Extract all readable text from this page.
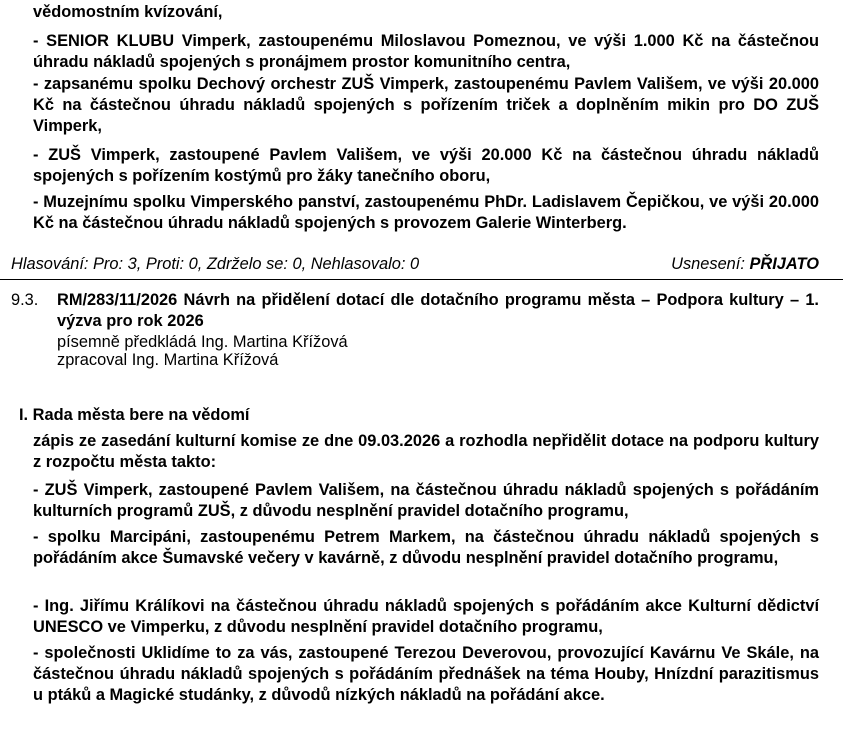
vědomostním kvízování,

- SENIOR KLUBU Vimperk, zastoupenému Miloslavou Pomeznou, ve výši 1.000 Kč na částečnou úhradu nákladů spojených s pronájmem prostor komunitního centra,

- zapsanému spolku Dechový orchestr ZUŠ Vimperk, zastoupenému Pavlem Vališem, ve výši 20.000 Kč na částečnou úhradu nákladů spojených s pořízením triček a doplněním mikin pro DO ZUŠ Vimperk,

- ZUŠ Vimperk, zastoupené Pavlem Vališem, ve výši 20.000 Kč na částečnou úhradu nákladů spojených s pořízením kostýmů pro žáky tanečního oboru,

- Muzejnímu spolku Vimperského panství, zastoupenému PhDr. Ladislavem Čepičkou, ve výši 20.000 Kč na částečnou úhradu nákladů spojených s provozem Galerie Winterberg.

Hlasování: Pro: 3, Proti: 0, Zdrželo se: 0, Nehlasovalo: 0	Usnesení: PŘIJATO
9.3. RM/283/11/2026 Návrh na přidělení dotací dle dotačního programu města – Podpora kultury – 1. výzva pro rok 2026
písemně předkládá Ing. Martina Křížová
zpracoval Ing. Martina Křížová
I. Rada města bere na vědomí

zápis ze zasedání kulturní komise ze dne 09.03.2026 a rozhodla nepřidělit dotace na podporu kultury z rozpočtu města takto:

- ZUŠ Vimperk, zastoupené Pavlem Vališem, na částečnou úhradu nákladů spojených s pořádáním kulturních programů ZUŠ, z důvodu nesplnění pravidel dotačního programu,

- spolku Marcipáni, zastoupenému Petrem Markem, na částečnou úhradu nákladů spojených s pořádáním akce Šumavské večery v kavárně, z důvodu nesplnění pravidel dotačního programu,

- Ing. Jiřímu Králíkovi na částečnou úhradu nákladů spojených s pořádáním akce Kulturní dědictví UNESCO ve Vimperku, z důvodu nesplnění pravidel dotačního programu,

- společnosti Uklidíme to za vás, zastoupené Terezou Deverovou, provozující Kavárnu Ve Skále, na částečnou úhradu nákladů spojených s pořádáním přednášek na téma Houby, Hnízdní parazitismus u ptáků a Magické studánky, z důvodů nízkých nákladů na pořádání akce.
